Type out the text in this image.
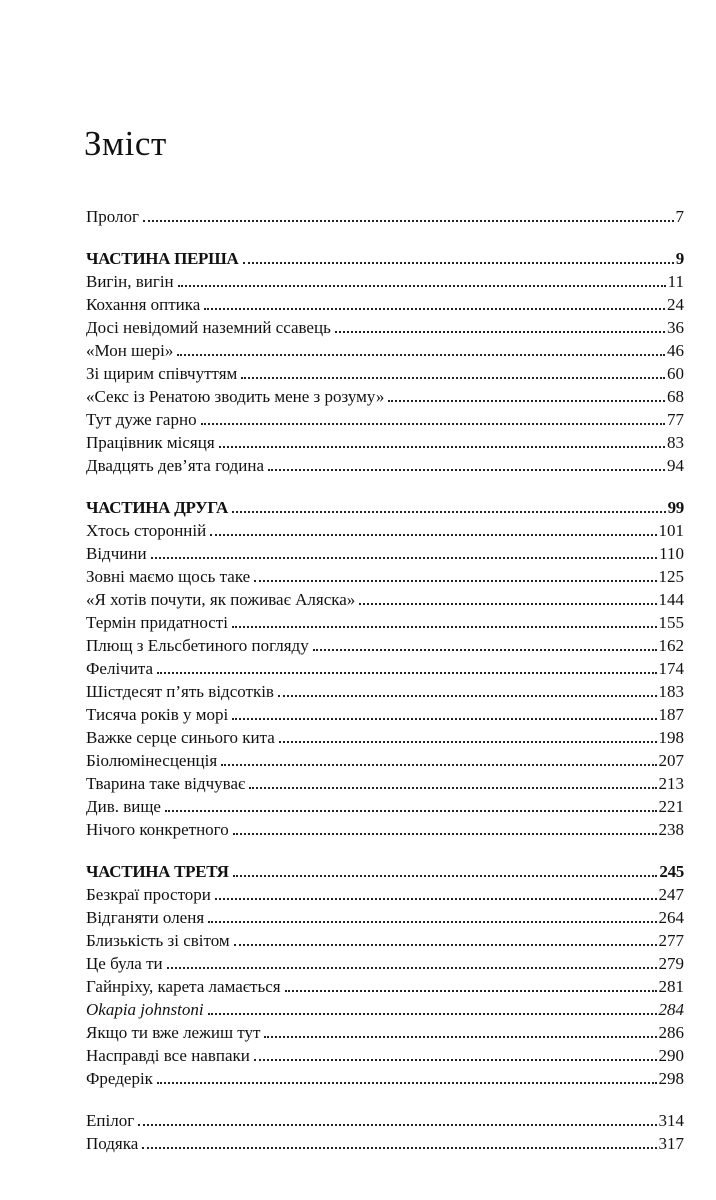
Зміст
Пролог	7
ЧАСТИНА ПЕРША	9
Вигін, вигін	11
Кохання оптика	24
Досі невідомий наземний ссавець	36
«Мон шері»	46
Зі щирим співчуттям	60
«Секс із Ренатою зводить мене з розуму»	68
Тут дуже гарно	77
Працівник місяця	83
Двадцять дев’ята година	94
ЧАСТИНА ДРУГА	99
Хтось сторонній	101
Відчини	110
Зовні маємо щось таке	125
«Я хотів почути, як поживає Аляска»	144
Термін придатності	155
Плющ з Ельсбетиного погляду	162
Фелічита	174
Шістдесят п’ять відсотків	183
Тисяча років у морі	187
Важке серце синього кита	198
Біолюмінесценція	207
Тварина таке відчуває	213
Див. вище	221
Нічого конкретного	238
ЧАСТИНА ТРЕТЯ	245
Безкраї простори	247
Відганяти оленя	264
Близькість зі світом	277
Це була ти	279
Гайнріху, карета ламається	281
Okapia johnstoni	284
Якщо ти вже лежиш тут	286
Насправді все навпаки	290
Фредерік	298
Епілог	314
Подяка	317
